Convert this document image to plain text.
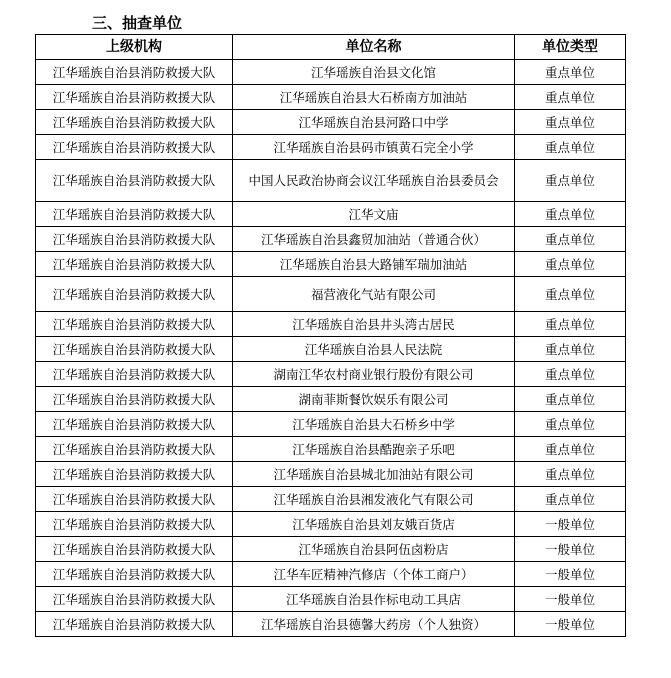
三、抽查单位
上级机构	单位名称	单位类型
江华瑶族自治县消防救援大队	江华瑶族自治县文化馆	重点单位
江华瑶族自治县消防救援大队	江华瑶族自治县大石桥南方加油站	重点单位
江华瑶族自治县消防救援大队	江华瑶族自治县河路口中学	重点单位
江华瑶族自治县消防救援大队	江华瑶族自治县码市镇黄石完全小学	重点单位
江华瑶族自治县消防救援大队	中国人民政治协商会议江华瑶族自治县委员会	重点单位
江华瑶族自治县消防救援大队	江华文庙	重点单位
江华瑶族自治县消防救援大队	江华瑶族自治县鑫贸加油站（普通合伙）	重点单位
江华瑶族自治县消防救援大队	江华瑶族自治县大路铺军瑞加油站	重点单位
江华瑶族自治县消防救援大队	福营液化气站有限公司	重点单位
江华瑶族自治县消防救援大队	江华瑶族自治县井头湾古居民	重点单位
江华瑶族自治县消防救援大队	江华瑶族自治县人民法院	重点单位
江华瑶族自治县消防救援大队	湖南江华农村商业银行股份有限公司	重点单位
江华瑶族自治县消防救援大队	湖南菲斯餐饮娱乐有限公司	重点单位
江华瑶族自治县消防救援大队	江华瑶族自治县大石桥乡中学	重点单位
江华瑶族自治县消防救援大队	江华瑶族自治县酷跑亲子乐吧	重点单位
江华瑶族自治县消防救援大队	江华瑶族自治县城北加油站有限公司	重点单位
江华瑶族自治县消防救援大队	江华瑶族自治县湘发液化气有限公司	重点单位
江华瑶族自治县消防救援大队	江华瑶族自治县刘友娥百货店	一般单位
江华瑶族自治县消防救援大队	江华瑶族自治县阿伍卤粉店	一般单位
江华瑶族自治县消防救援大队	江华车匠精神汽修店（个体工商户）	一般单位
江华瑶族自治县消防救援大队	江华瑶族自治县作标电动工具店	一般单位
江华瑶族自治县消防救援大队	江华瑶族自治县德馨大药房（个人独资）	一般单位
